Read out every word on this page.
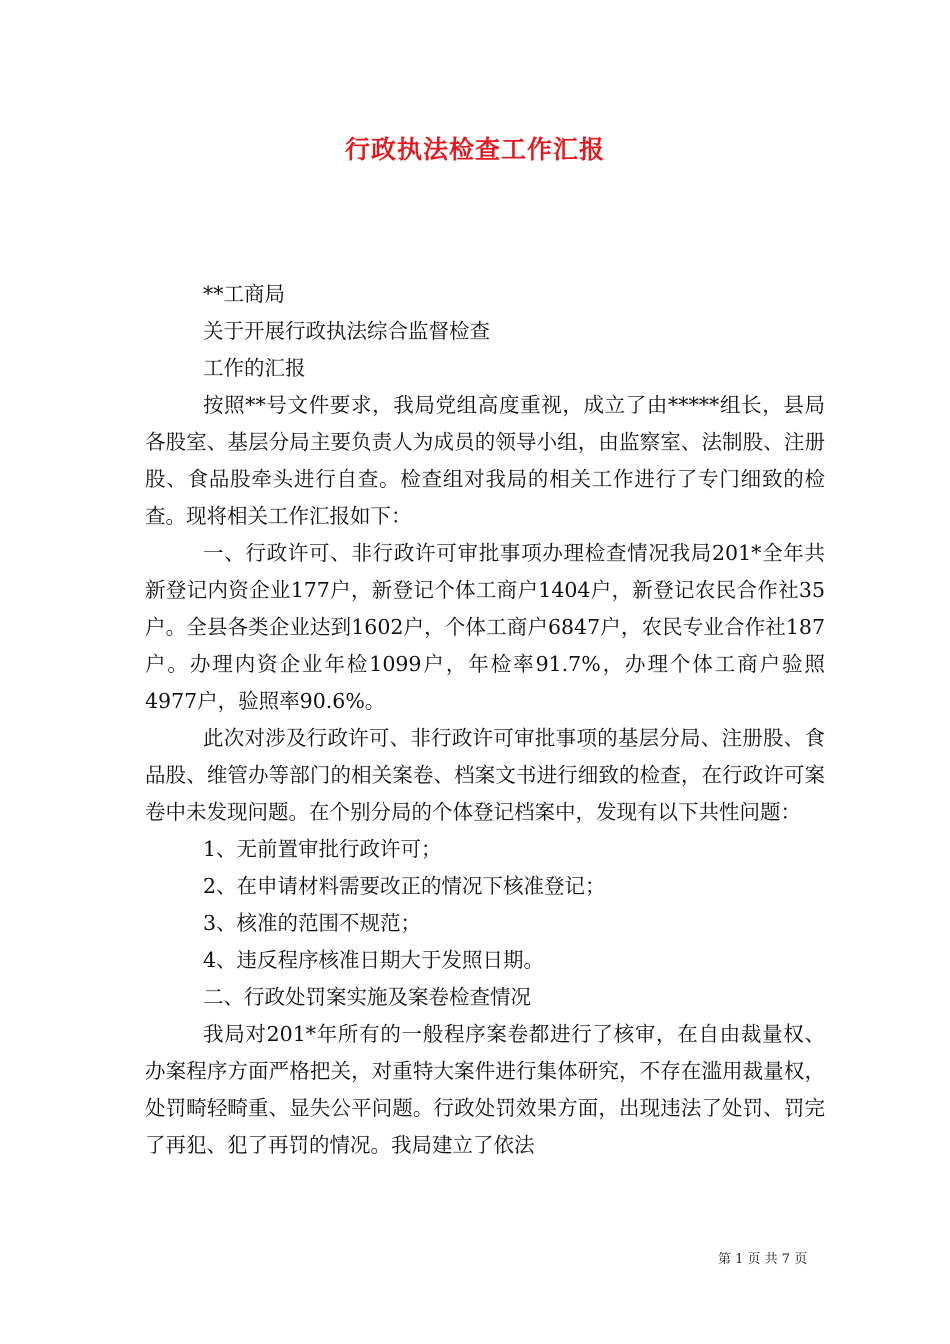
行政执法检查工作汇报

**工商局

关于开展行政执法综合监督检查

工作的汇报

按照**号文件要求，我局党组高度重视，成立了由*****组长，县局各股室、基层分局主要负责人为成员的领导小组，由监察室、法制股、注册股、食品股牵头进行自查。检查组对我局的相关工作进行了专门细致的检查。现将相关工作汇报如下：

一、行政许可、非行政许可审批事项办理检查情况我局201*全年共新登记内资企业177户，新登记个体工商户1404户，新登记农民合作社35户。全县各类企业达到1602户，个体工商户6847户，农民专业合作社187户。办理内资企业年检1099户，年检率91.7%，办理个体工商户验照4977户，验照率90.6%。

此次对涉及行政许可、非行政许可审批事项的基层分局、注册股、食品股、维管办等部门的相关案卷、档案文书进行细致的检查，在行政许可案卷中未发现问题。在个别分局的个体登记档案中，发现有以下共性问题：

1、无前置审批行政许可；

2、在申请材料需要改正的情况下核准登记；

3、核准的范围不规范；

4、违反程序核准日期大于发照日期。

二、行政处罚案实施及案卷检查情况

我局对201*年所有的一般程序案卷都进行了核审，在自由裁量权、办案程序方面严格把关，对重特大案件进行集体研究，不存在滥用裁量权，处罚畸轻畸重、显失公平问题。行政处罚效果方面，出现违法了处罚、罚完了再犯、犯了再罚的情况。我局建立了依法

第 1 页 共 7 页
